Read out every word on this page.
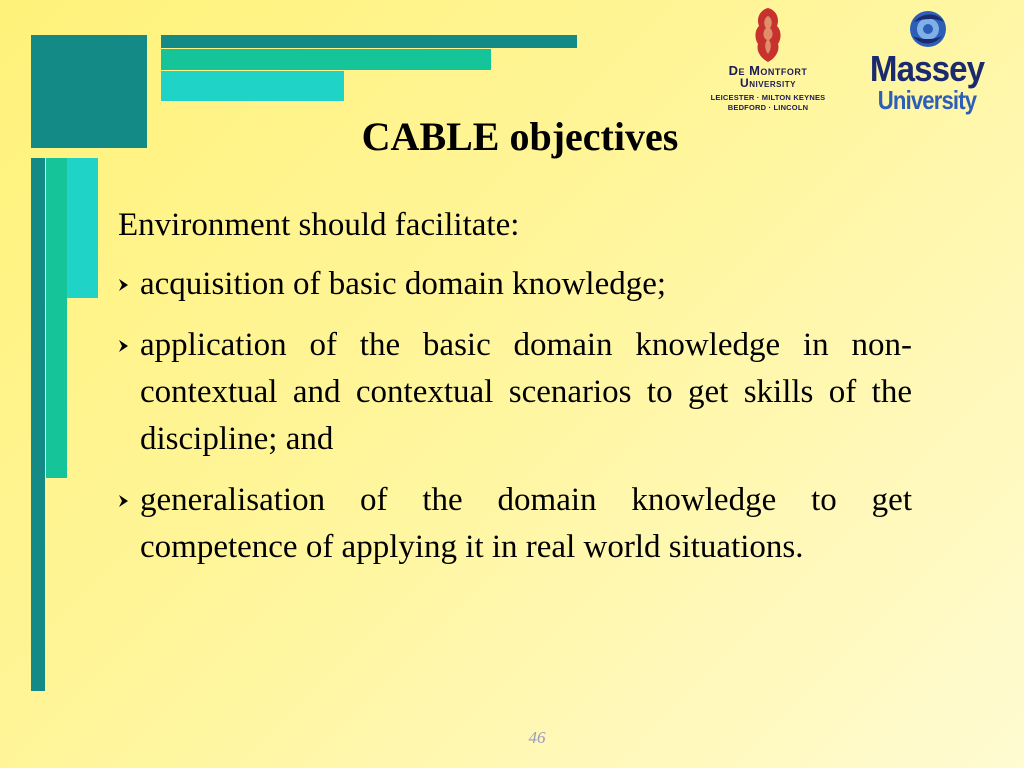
De Montfort
University
LEICESTER · MILTON KEYNES
BEDFORD · LINCOLN
Massey
University
CABLE objectives

Environment should facilitate:

acquisition of basic domain knowledge;
application of the basic domain knowledge in non-contextual and contextual scenarios to get skills of the discipline; and
generalisation of the domain knowledge to get competence of applying it in real world situations.
46
